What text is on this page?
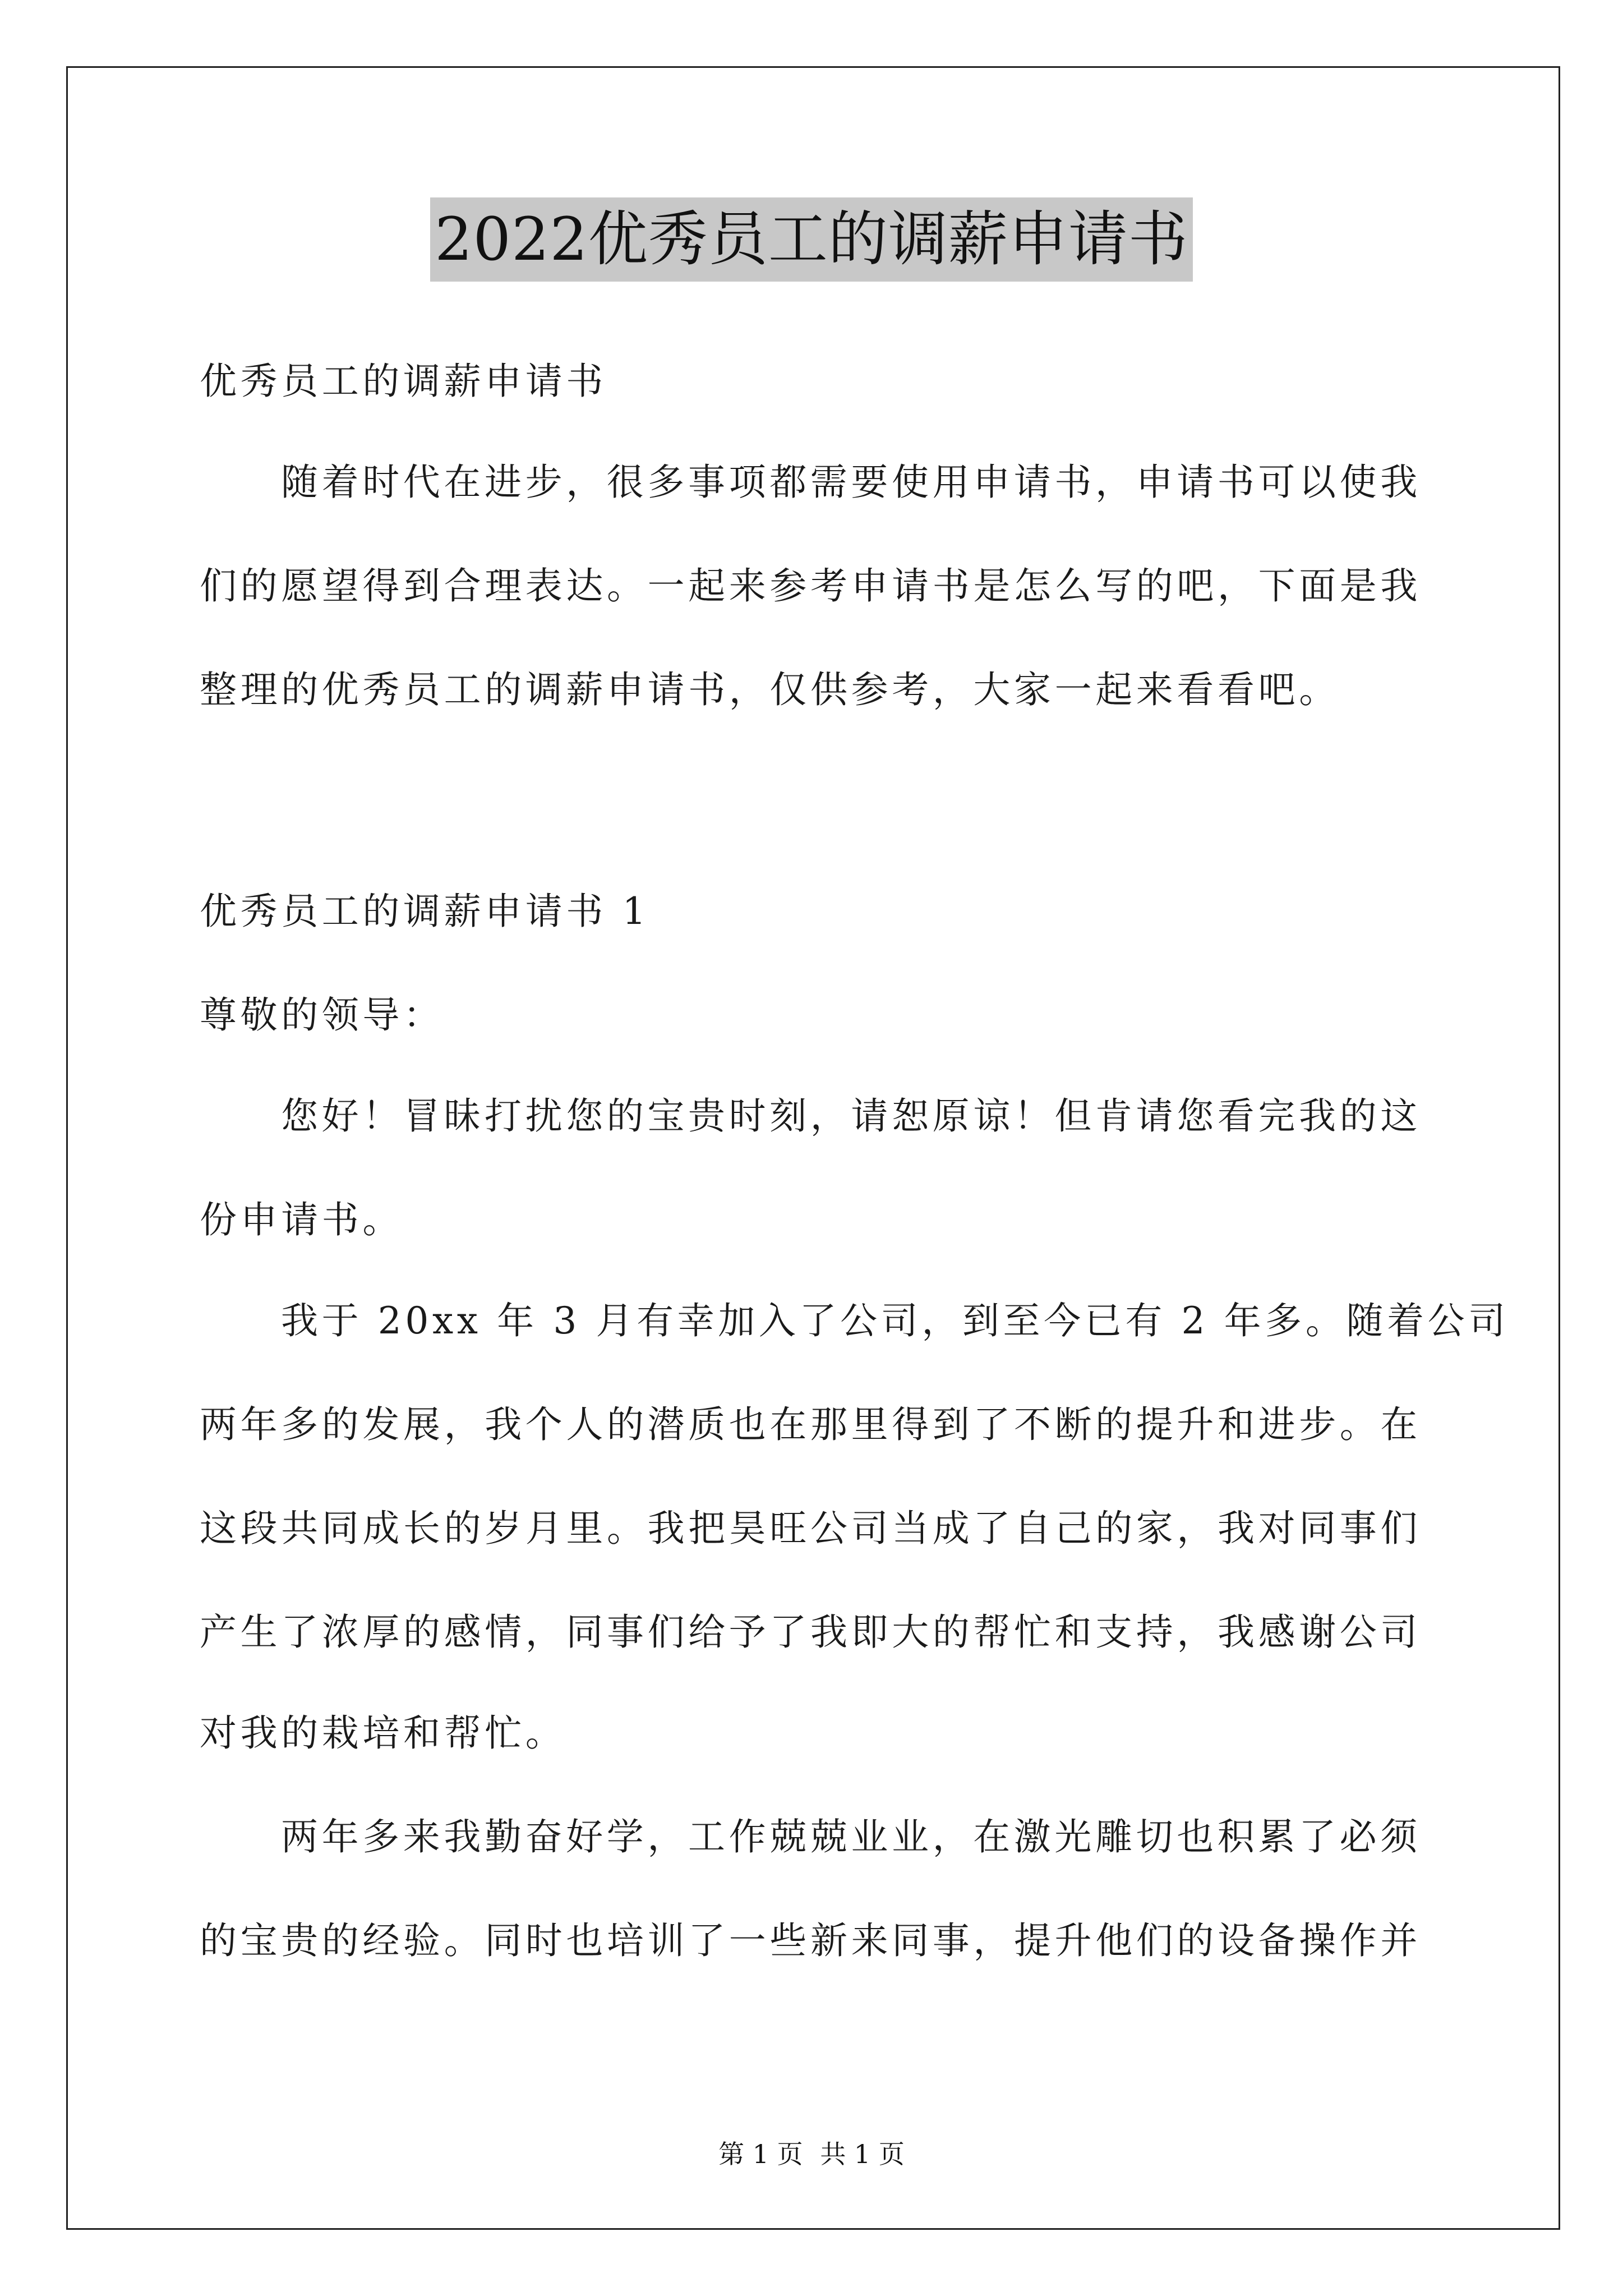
2022优秀员工的调薪申请书
优秀员工的调薪申请书
随着时代在进步，很多事项都需要使用申请书，申请书可以使我
们的愿望得到合理表达。一起来参考申请书是怎么写的吧，下面是我
整理的优秀员工的调薪申请书，仅供参考，大家一起来看看吧。
优秀员工的调薪申请书 1
尊敬的领导：
您好！冒昧打扰您的宝贵时刻，请恕原谅！但肯请您看完我的这
份申请书。
我于 20xx 年 3 月有幸加入了公司，到至今已有 2 年多。随着公司
两年多的发展，我个人的潜质也在那里得到了不断的提升和进步。在
这段共同成长的岁月里。我把昊旺公司当成了自己的家，我对同事们
产生了浓厚的感情，同事们给予了我即大的帮忙和支持，我感谢公司
对我的栽培和帮忙。
两年多来我勤奋好学，工作兢兢业业，在激光雕切也积累了必须
的宝贵的经验。同时也培训了一些新来同事，提升他们的设备操作并
第 1 页 共 1 页
